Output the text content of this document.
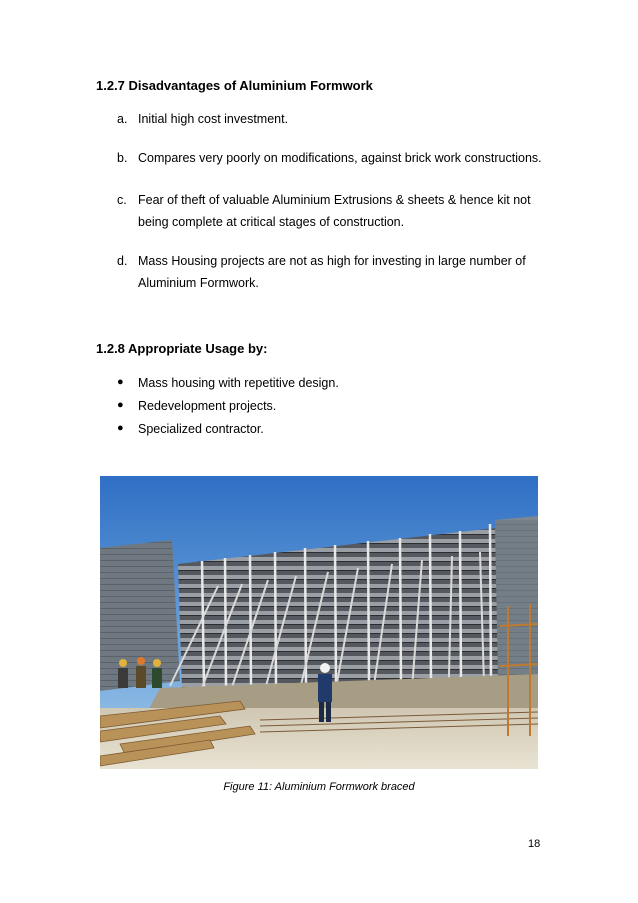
1.2.7 Disadvantages of Aluminium Formwork
a. Initial high cost investment.
b. Compares very poorly on modifications, against brick work constructions.
c. Fear of theft of valuable Aluminium Extrusions & sheets & hence kit not being complete at critical stages of construction.
d. Mass Housing projects are not as high for investing in large number of Aluminium Formwork.
1.2.8 Appropriate Usage by:
● Mass housing with repetitive design.
● Redevelopment projects.
● Specialized contractor.
Figure 11: Aluminium Formwork braced
18
